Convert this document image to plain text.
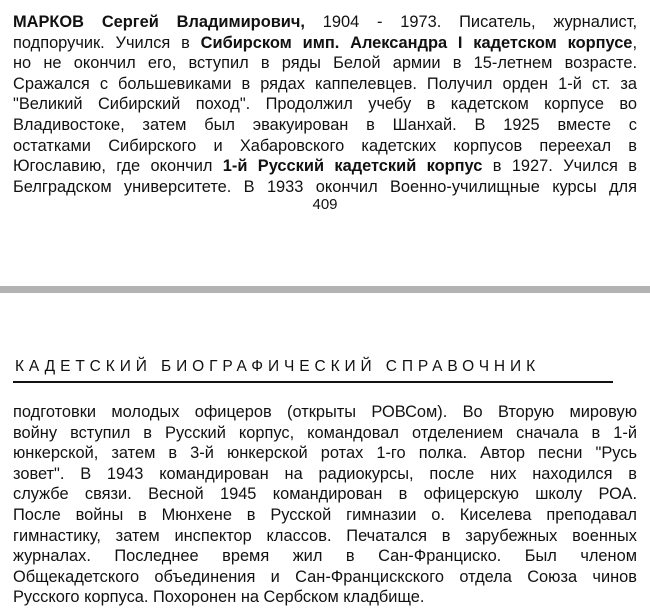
МАРКОВ Сергей Владимирович, 1904 - 1973. Писатель, журналист,
подпоручик. Учился в Сибирском имп. Александра I кадетском корпусе,
но не окончил его, вступил в ряды Белой армии в 15-летнем возрасте.
Сражался с большевиками в рядах каппелевцев. Получил орден 1-й ст. за
"Великий Сибирский поход". Продолжил учебу в кадетском корпусе во
Владивостоке, затем был эвакуирован в Шанхай. В 1925 вместе с
остатками Сибирского и Хабаровского кадетских корпусов переехал в
Югославию, где окончил 1-й Русский кадетский корпус в 1927. Учился в
Белградском университете. В 1933 окончил Военно-училищные курсы для
409
КАДЕТСКИЙ БИОГРАФИЧЕСКИЙ СПРАВОЧНИК
подготовки молодых офицеров (открыты РОВСом). Во Вторую мировую
войну вступил в Русский корпус, командовал отделением сначала в 1-й
юнкерской, затем в 3-й юнкерской ротах 1-го полка. Автор песни "Русь
зовет". В 1943 командирован на радиокурсы, после них находился в
службе связи. Весной 1945 командирован в офицерскую школу РОА.
После войны в Мюнхене в Русской гимназии о. Киселева преподавал
гимнастику, затем инспектор классов. Печатался в зарубежных военных
журналах. Последнее время жил в Сан-Франциско. Был членом
Общекадетского объединения и Сан-Францискского отдела Союза чинов
Русского корпуса. Похоронен на Сербском кладбище.
